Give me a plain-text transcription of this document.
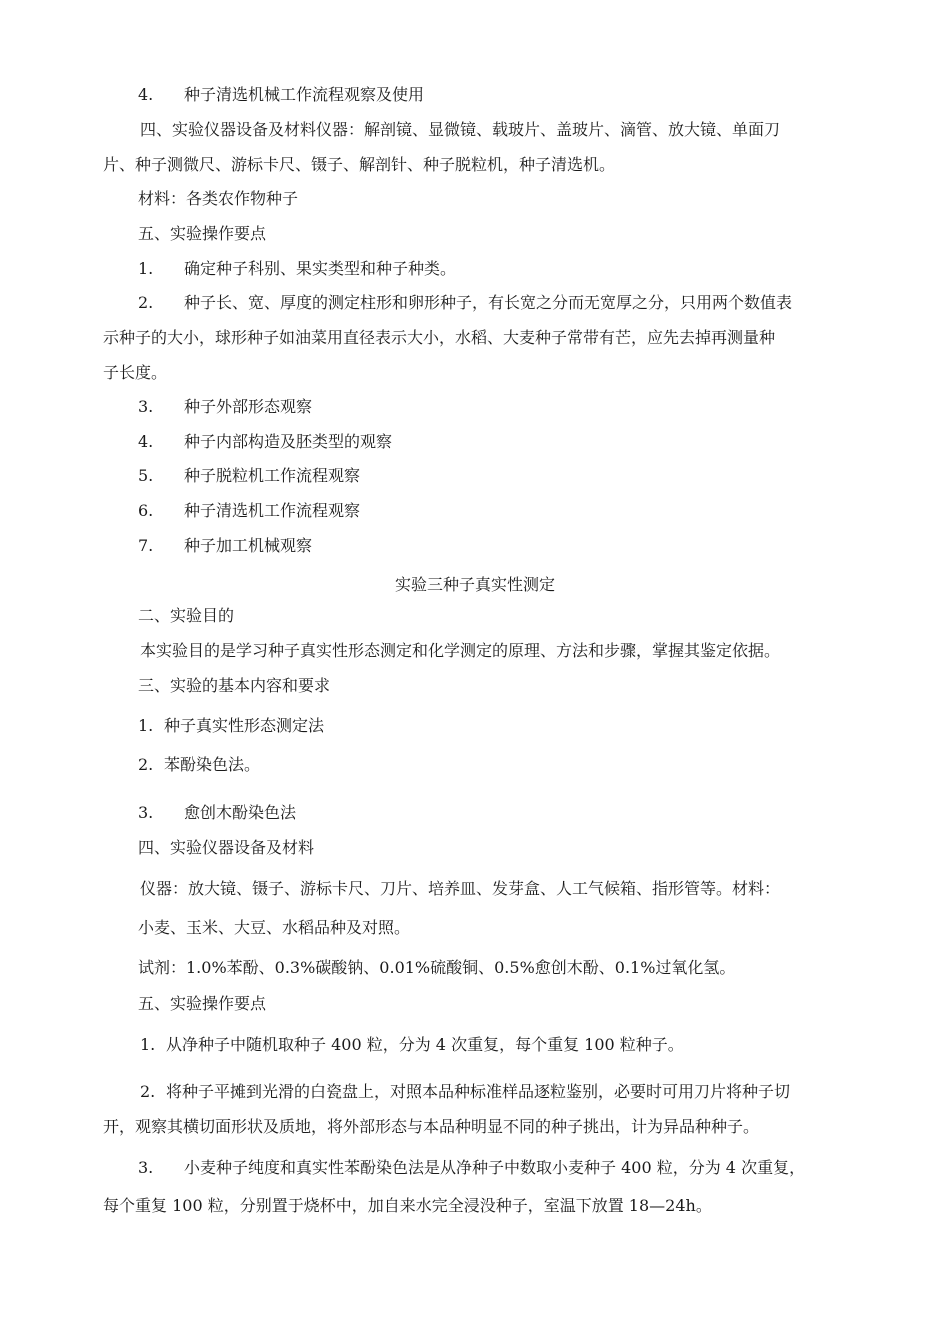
4. 种子清选机械工作流程观察及使用
四、实验仪器设备及材料仪器：解剖镜、显微镜、载玻片、盖玻片、滴管、放大镜、单面刀
片、种子测微尺、游标卡尺、镊子、解剖针、种子脱粒机，种子清选机。
材料：各类农作物种子
五、实验操作要点
1. 确定种子科别、果实类型和种子种类。
2. 种子长、宽、厚度的测定柱形和卵形种子，有长宽之分而无宽厚之分，只用两个数值表
示种子的大小，球形种子如油菜用直径表示大小，水稻、大麦种子常带有芒，应先去掉再测量种
子长度。
3. 种子外部形态观察
4. 种子内部构造及胚类型的观察
5. 种子脱粒机工作流程观察
6. 种子清选机工作流程观察
7. 种子加工机械观察
实验三种子真实性测定
二、实验目的
本实验目的是学习种子真实性形态测定和化学测定的原理、方法和步骤，掌握其鉴定依据。
三、实验的基本内容和要求
1. 种子真实性形态测定法
2. 苯酚染色法。
3. 愈创木酚染色法
四、实验仪器设备及材料
仪器：放大镜、镊子、游标卡尺、刀片、培养皿、发芽盒、人工气候箱、指形管等。材料：
小麦、玉米、大豆、水稻品种及对照。
试剂：1.0%苯酚、0.3%碳酸钠、0.01%硫酸铜、0.5%愈创木酚、0.1%过氧化氢。
五、实验操作要点
1. 从净种子中随机取种子 400 粒，分为 4 次重复，每个重复 100 粒种子。
2. 将种子平摊到光滑的白瓷盘上，对照本品种标准样品逐粒鉴别，必要时可用刀片将种子切
开，观察其横切面形状及质地，将外部形态与本品种明显不同的种子挑出，计为异品种种子。
3. 小麦种子纯度和真实性苯酚染色法是从净种子中数取小麦种子 400 粒，分为 4 次重复，
每个重复 100 粒，分别置于烧杯中，加自来水完全浸没种子，室温下放置 18—24h。
